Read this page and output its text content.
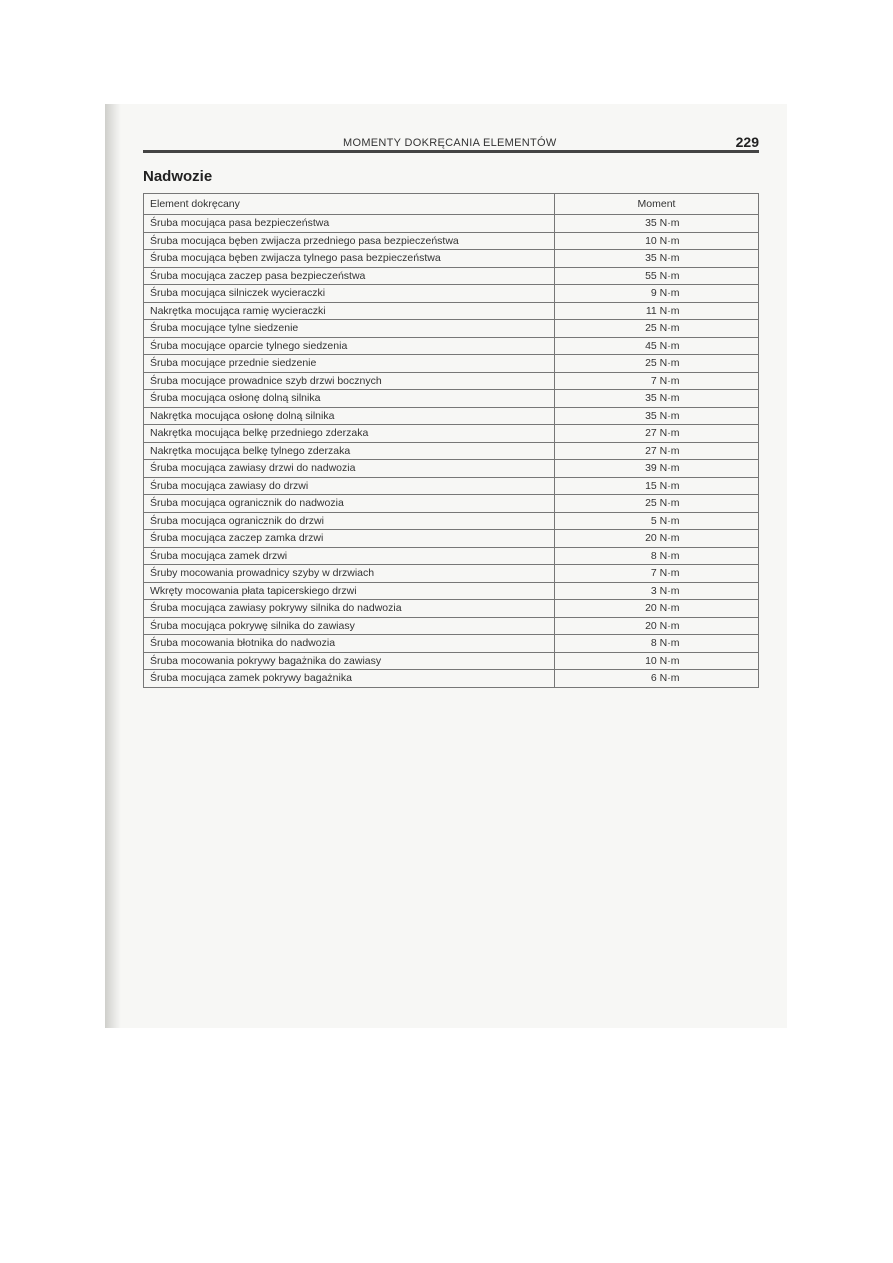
MOMENTY DOKRĘCANIA ELEMENTÓW	229
Nadwozie
Element dokręcany	Moment
Śruba mocująca pasa bezpieczeństwa	35 N·m
Śruba mocująca bęben zwijacza przedniego pasa bezpieczeństwa	10 N·m
Śruba mocująca bęben zwijacza tylnego pasa bezpieczeństwa	35 N·m
Śruba mocująca zaczep pasa bezpieczeństwa	55 N·m
Śruba mocująca silniczek wycieraczki	9 N·m
Nakrętka mocująca ramię wycieraczki	11 N·m
Śruba mocujące tylne siedzenie	25 N·m
Śruba mocujące oparcie tylnego siedzenia	45 N·m
Śruba mocujące przednie siedzenie	25 N·m
Śruba mocujące prowadnice szyb drzwi bocznych	7 N·m
Śruba mocująca osłonę dolną silnika	35 N·m
Nakrętka mocująca osłonę dolną silnika	35 N·m
Nakrętka mocująca belkę przedniego zderzaka	27 N·m
Nakrętka mocująca belkę tylnego zderzaka	27 N·m
Śruba mocująca zawiasy drzwi do nadwozia	39 N·m
Śruba mocująca zawiasy do drzwi	15 N·m
Śruba mocująca ogranicznik do nadwozia	25 N·m
Śruba mocująca ogranicznik do drzwi	5 N·m
Śruba mocująca zaczep zamka drzwi	20 N·m
Śruba mocująca zamek drzwi	8 N·m
Śruby mocowania prowadnicy szyby w drzwiach	7 N·m
Wkręty mocowania płata tapicerskiego drzwi	3 N·m
Śruba mocująca zawiasy pokrywy silnika do nadwozia	20 N·m
Śruba mocująca pokrywę silnika do zawiasy	20 N·m
Śruba mocowania błotnika do nadwozia	8 N·m
Śruba mocowania pokrywy bagażnika do zawiasy	10 N·m
Śruba mocująca zamek pokrywy bagażnika	6 N·m
